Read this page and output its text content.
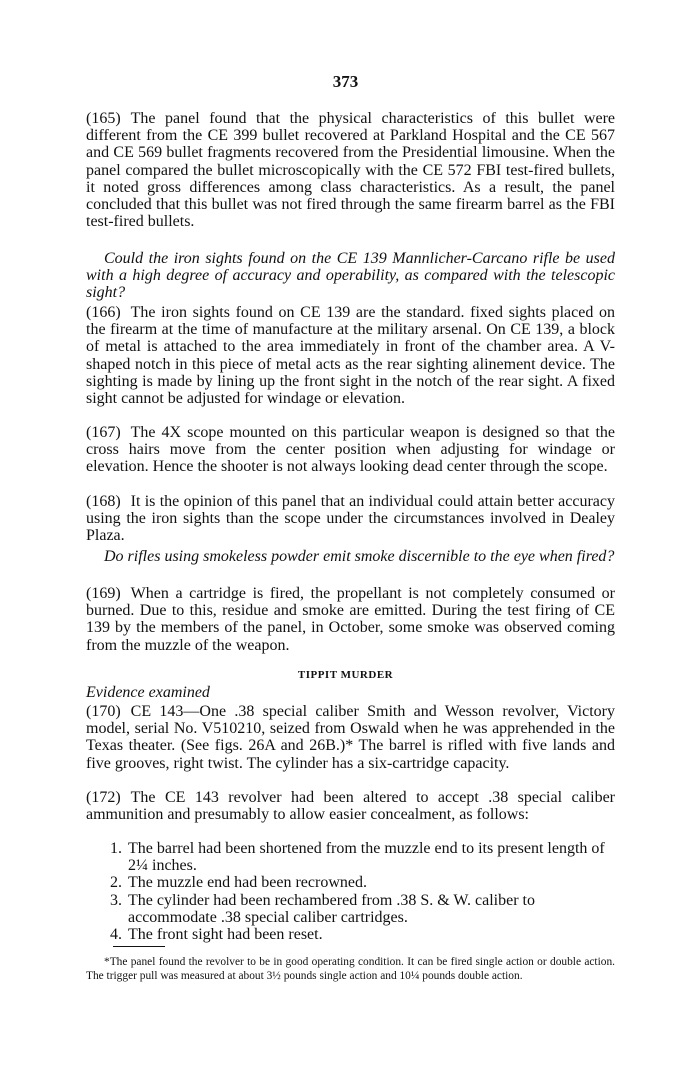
373
(165) The panel found that the physical characteristics of this bullet were different from the CE 399 bullet recovered at Parkland Hospital and the CE 567 and CE 569 bullet fragments recovered from the Presidential limousine. When the panel compared the bullet microscopically with the CE 572 FBI test-fired bullets, it noted gross differences among class characteristics. As a result, the panel concluded that this bullet was not fired through the same firearm barrel as the FBI test-fired bullets.
Could the iron sights found on the CE 139 Mannlicher-Carcano rifle be used with a high degree of accuracy and operability, as compared with the telescopic sight?
(166) The iron sights found on CE 139 are the standard. fixed sights placed on the firearm at the time of manufacture at the military arsenal. On CE 139, a block of metal is attached to the area immediately in front of the chamber area. A V-shaped notch in this piece of metal acts as the rear sighting alinement device. The sighting is made by lining up the front sight in the notch of the rear sight. A fixed sight cannot be adjusted for windage or elevation.
(167) The 4X scope mounted on this particular weapon is designed so that the cross hairs move from the center position when adjusting for windage or elevation. Hence the shooter is not always looking dead center through the scope.
(168) It is the opinion of this panel that an individual could attain better accuracy using the iron sights than the scope under the circumstances involved in Dealey Plaza.
Do rifles using smokeless powder emit smoke discernible to the eye when fired?
(169) When a cartridge is fired, the propellant is not completely consumed or burned. Due to this, residue and smoke are emitted. During the test firing of CE 139 by the members of the panel, in October, some smoke was observed coming from the muzzle of the weapon.
TIPPIT MURDER
Evidence examined
(170) CE 143—One .38 special caliber Smith and Wesson revolver, Victory model, serial No. V510210, seized from Oswald when he was apprehended in the Texas theater. (See figs. 26A and 26B.)* The barrel is rifled with five lands and five grooves, right twist. The cylinder has a six-cartridge capacity.
(172) The CE 143 revolver had been altered to accept .38 special caliber ammunition and presumably to allow easier concealment, as follows:
1. The barrel had been shortened from the muzzle end to its present length of 2¼ inches.
2. The muzzle end had been recrowned.
3. The cylinder had been rechambered from .38 S. & W. caliber to accommodate .38 special caliber cartridges.
4. The front sight had been reset.
*The panel found the revolver to be in good operating condition. It can be fired single action or double action. The trigger pull was measured at about 3½ pounds single action and 10¼ pounds double action.
